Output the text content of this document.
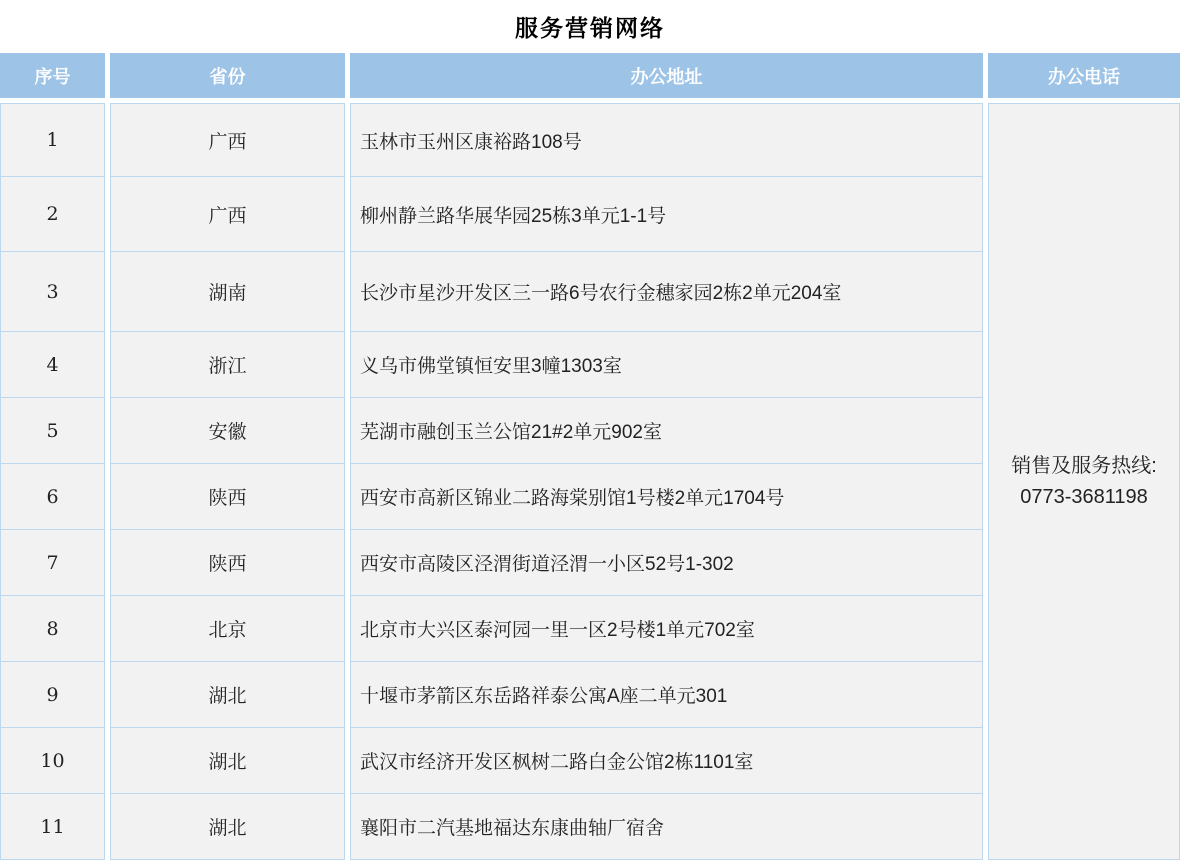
服务营销网络
序号	省份	办公地址	办公电话
销售及服务热线:
0773-3681198
1	广西	玉林市玉州区康裕路108号
2	广西	柳州静兰路华展华园25栋3单元1-1号
3	湖南	长沙市星沙开发区三一路6号农行金穗家园2栋2单元204室
4	浙江	义乌市佛堂镇恒安里3幢1303室
5	安徽	芜湖市融创玉兰公馆21#2单元902室
6	陕西	西安市高新区锦业二路海棠别馆1号楼2单元1704号
7	陕西	西安市高陵区泾渭街道泾渭一小区52号1-302
8	北京	北京市大兴区泰河园一里一区2号楼1单元702室
9	湖北	十堰市茅箭区东岳路祥泰公寓A座二单元301
10	湖北	武汉市经济开发区枫树二路白金公馆2栋1101室
11	湖北	襄阳市二汽基地福达东康曲轴厂宿舍
